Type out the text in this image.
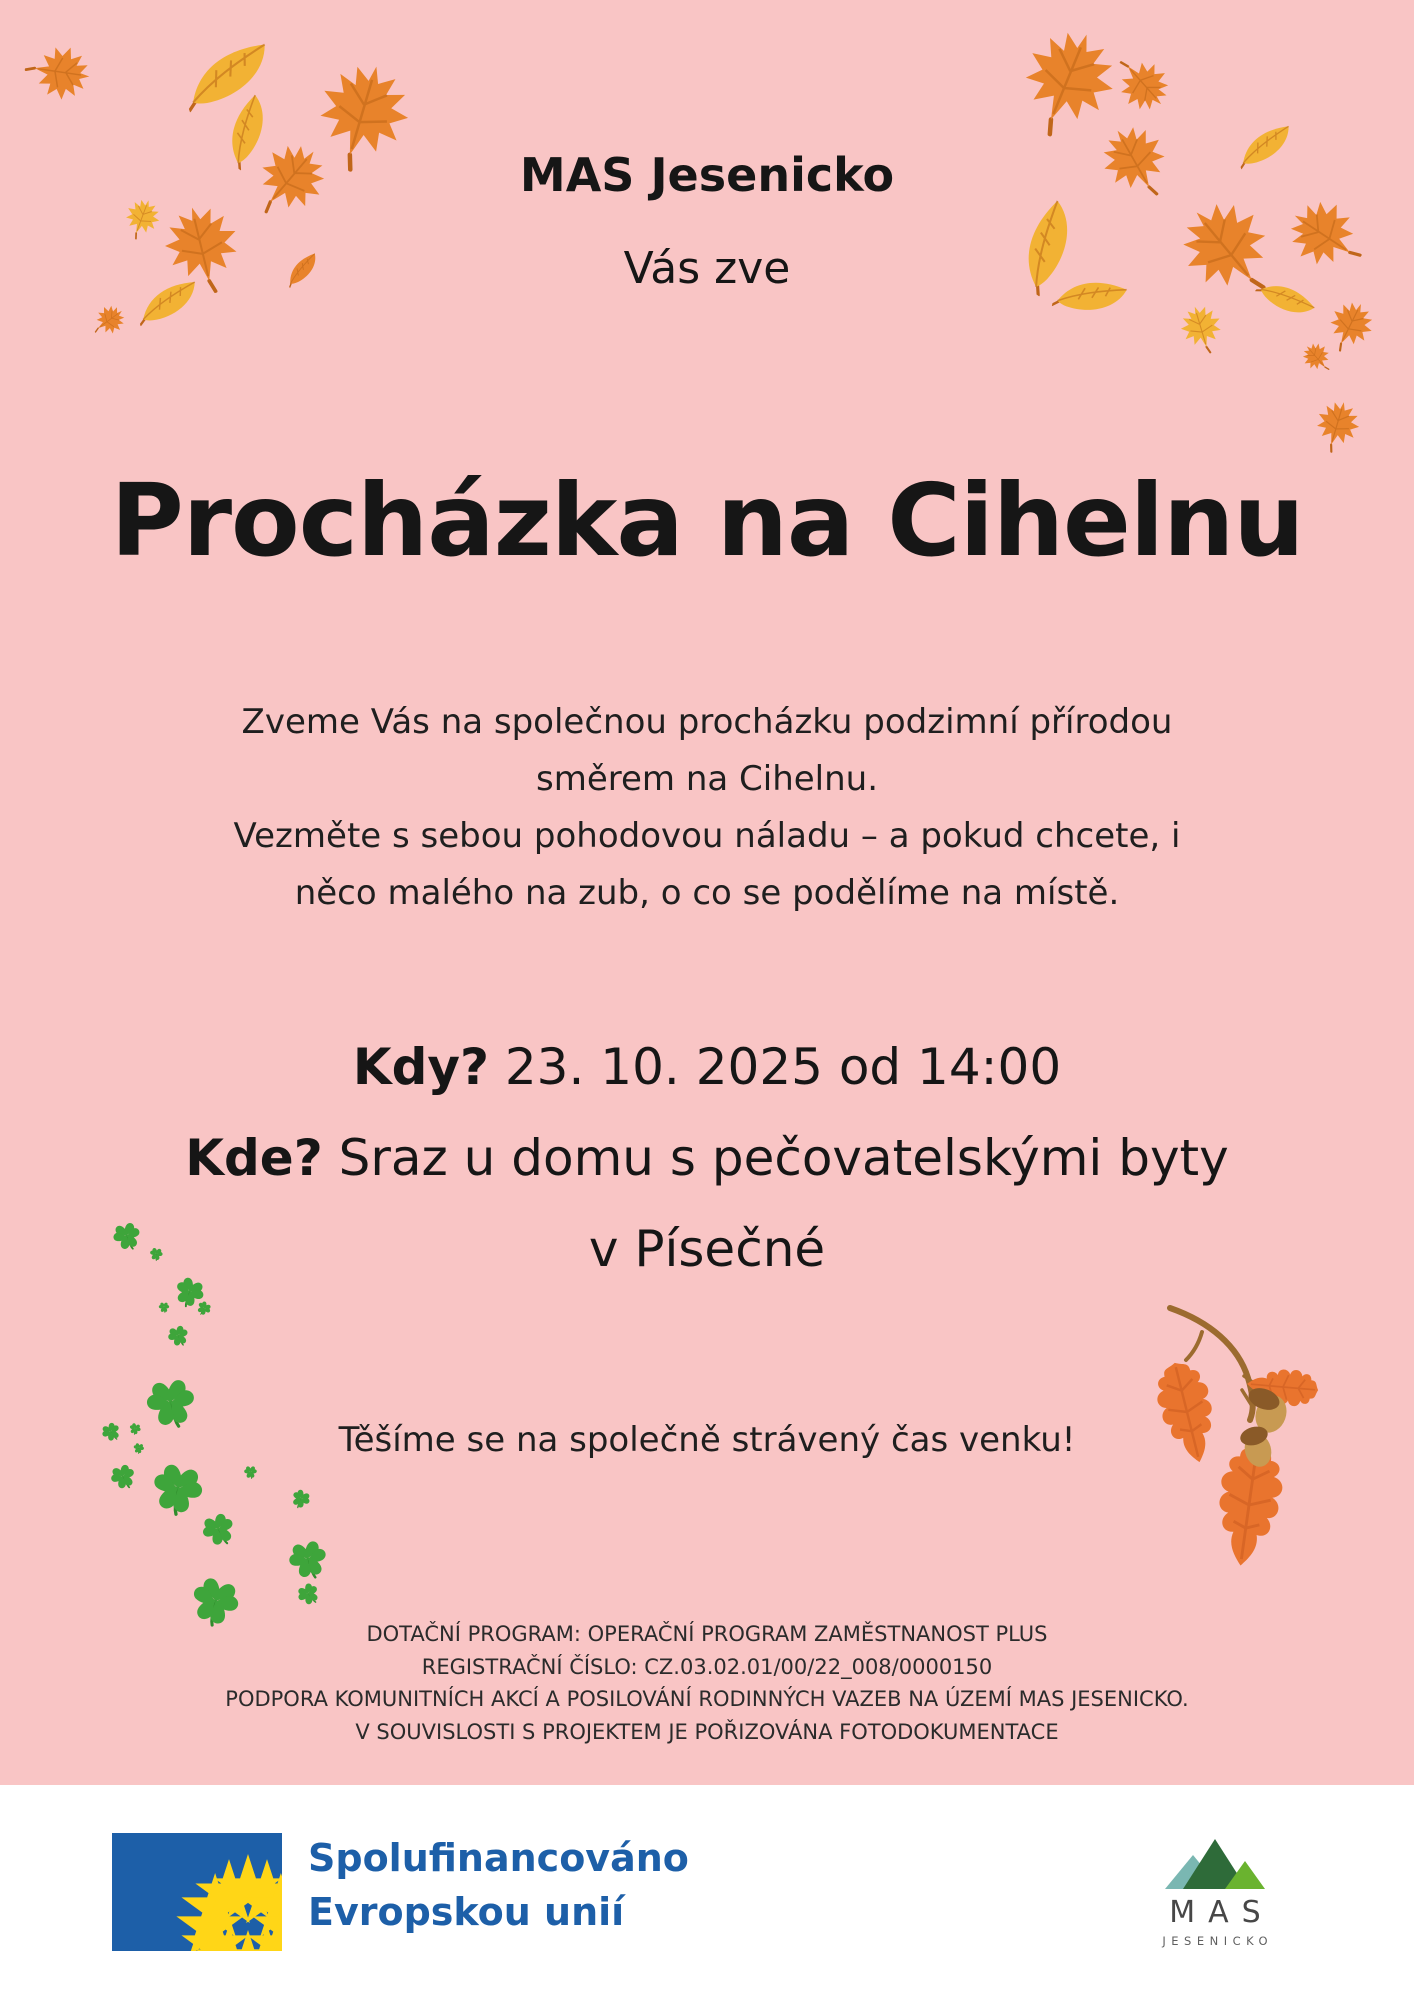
MAS Jesenicko
Vás zve
Procházka na Cihelnu
Zveme Vás na společnou procházku podzimní přírodou
směrem na Cihelnu.
Vezměte s sebou pohodovou náladu – a pokud chcete, i
něco malého na zub, o co se podělíme na místě.
Kdy? 23. 10. 2025 od 14:00
Kde? Sraz u domu s pečovatelskými byty
v Písečné
Těšíme se na společně strávený čas venku!
DOTAČNÍ PROGRAM: OPERAČNÍ PROGRAM ZAMĚSTNANOST PLUS
REGISTRAČNÍ ČÍSLO: CZ.03.02.01/00/22_008/0000150
PODPORA KOMUNITNÍCH AKCÍ A POSILOVÁNÍ RODINNÝCH VAZEB NA ÚZEMÍ MAS JESENICKO.
V SOUVISLOSTI S PROJEKTEM JE POŘIZOVÁNA FOTODOKUMENTACE
Spolufinancováno
Evropskou unií	MAS
JESENICKO
